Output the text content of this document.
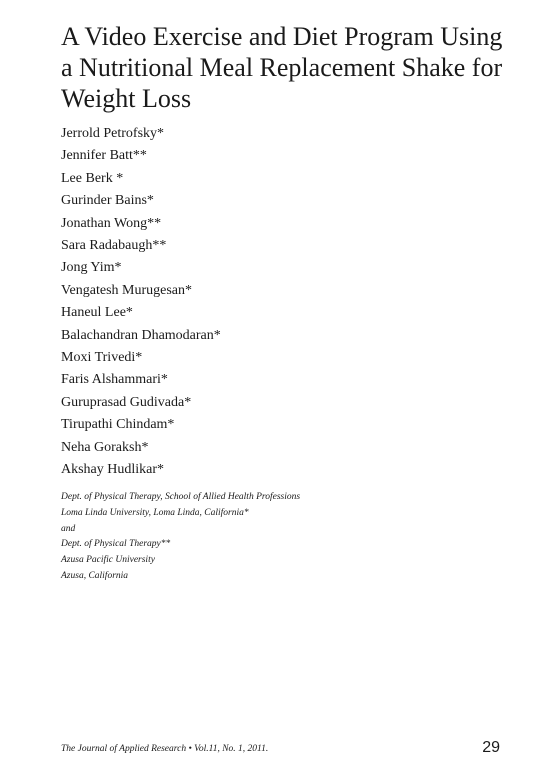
A Video Exercise and Diet Program Using
a Nutritional Meal Replacement Shake for
Weight Loss
Jerrold Petrofsky*
Jennifer Batt**
Lee Berk *
Gurinder Bains*
Jonathan Wong**
Sara Radabaugh**
Jong Yim*
Vengatesh Murugesan*
Haneul Lee*
Balachandran Dhamodaran*
Moxi Trivedi*
Faris Alshammari*
Guruprasad Gudivada*
Tirupathi Chindam*
Neha Goraksh*
Akshay Hudlikar*
Dept. of Physical Therapy, School of Allied Health Professions
Loma Linda University, Loma Linda, California*
and
Dept. of Physical Therapy**
Azusa Pacific University
Azusa, California
The Journal of Applied Research • Vol.11, No. 1, 2011.	29
